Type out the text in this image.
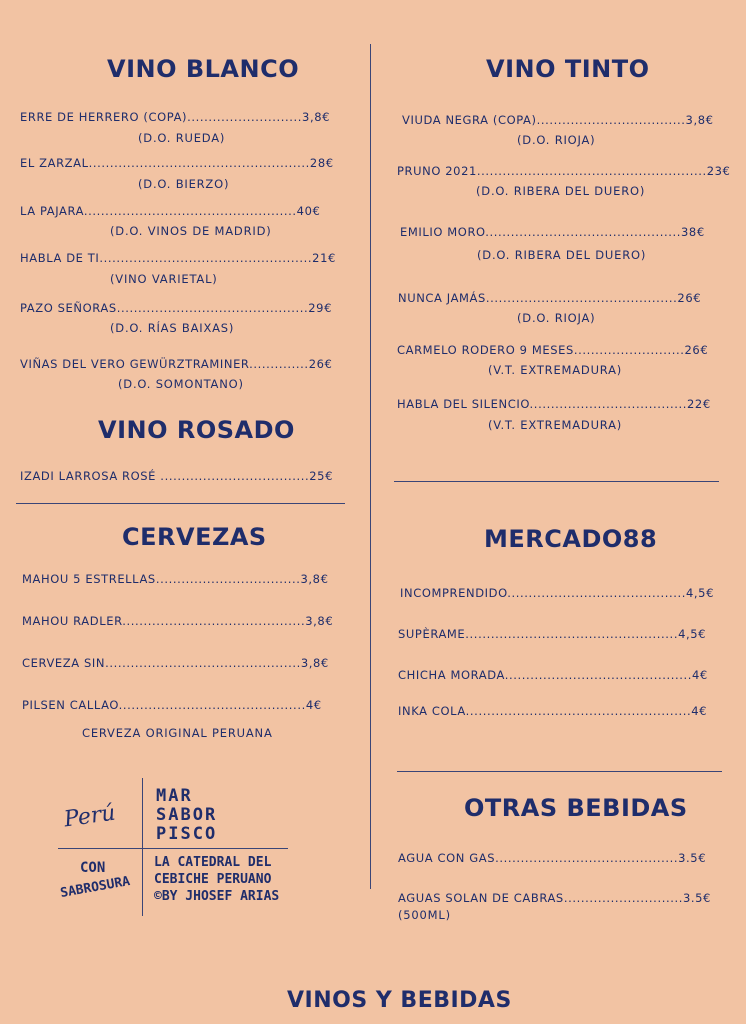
VINO BLANCO
ERRE DE HERRERO (COPA)...........................3,8€
(D.O. RUEDA)
EL ZARZAL....................................................28€
(D.O. BIERZO)
LA PAJARA..................................................40€
(D.O. VINOS DE MADRID)
HABLA DE TI..................................................21€
(VINO VARIETAL)
PAZO SEÑORAS.............................................29€
(D.O. RÍAS BAIXAS)
VIÑAS DEL VERO GEWÜRZTRAMINER..............26€
(D.O. SOMONTANO)
VINO ROSADO
IZADI LARROSA ROSÉ ...................................25€
CERVEZAS
MAHOU 5 ESTRELLAS..................................3,8€
MAHOU RADLER...........................................3,8€
CERVEZA SIN..............................................3,8€
PILSEN CALLAO............................................4€
CERVEZA ORIGINAL PERUANA
VINO TINTO
VIUDA NEGRA (COPA)...................................3,8€
(D.O. RIOJA)
PRUNO 2021......................................................23€
(D.O. RIBERA DEL DUERO)
EMILIO MORO..............................................38€
(D.O. RIBERA DEL DUERO)
NUNCA JAMÁS.............................................26€
(D.O. RIOJA)
CARMELO RODERO 9 MESES..........................26€
(V.T. EXTREMADURA)
HABLA DEL SILENCIO.....................................22€
(V.T. EXTREMADURA)
MERCADO88
INCOMPRENDIDO..........................................4,5€
SUPÈRAME..................................................4,5€
CHICHA MORADA............................................4€
INKA COLA.....................................................4€
OTRAS BEBIDAS
AGUA CON GAS...........................................3.5€
AGUAS SOLAN DE CABRAS............................3.5€
(500ML)
Perú
MAR
SABOR
PISCO
CON
SABROSURA
LA CATEDRAL DEL
CEBICHE PERUANO
©BY JHOSEF ARIAS
VINOS Y BEBIDAS
